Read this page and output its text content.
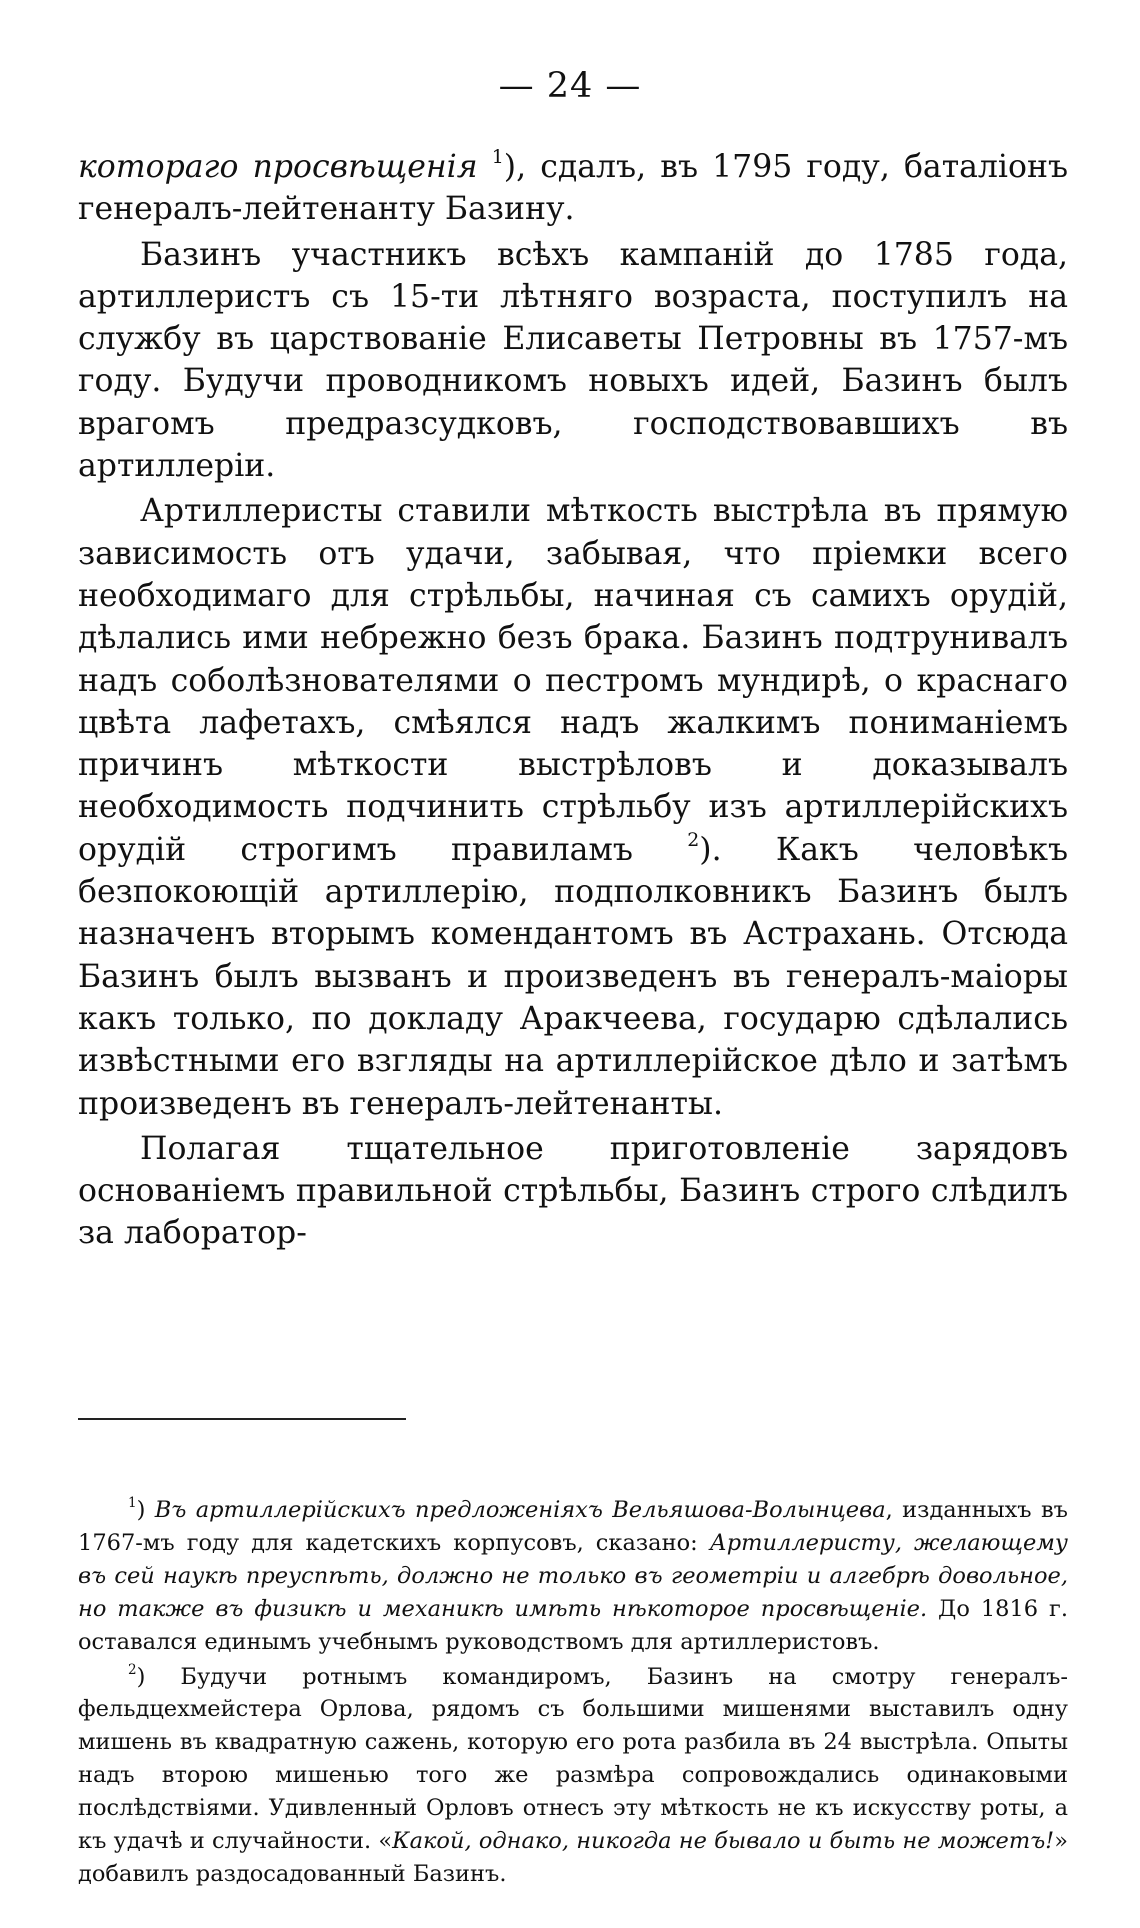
— 24 —

котораго просвѣщенія $^1$), сдалъ, въ 1795 году, баталіонъ генералъ-лейтенанту Базину.

Базинъ участникъ всѣхъ кампаній до 1785 года, артиллеристъ съ 15-ти лѣтняго возраста, поступилъ на службу въ царствованіе Елисаветы Петровны въ 1757-мъ году. Будучи проводникомъ новыхъ идей, Базинъ былъ врагомъ предразсудковъ, господствовавшихъ въ артиллеріи.

Артиллеристы ставили мѣткость выстрѣла въ прямую зависимость отъ удачи, забывая, что пріемки всего необходимаго для стрѣльбы, начиная съ самихъ орудій, дѣлались ими небрежно безъ брака. Базинъ подтрунивалъ надъ соболѣзнователями о пестромъ мундирѣ, о краснаго цвѣта лафетахъ, смѣялся надъ жалкимъ пониманіемъ причинъ мѣткости выстрѣловъ и доказывалъ необходимость подчинить стрѣльбу изъ артиллерійскихъ орудій строгимъ правиламъ $^2$). Какъ человѣкъ безпокоющій артиллерію, подполковникъ Базинъ былъ назначенъ вторымъ комендантомъ въ Астрахань. Отсюда Базинъ былъ вызванъ и произведенъ въ генералъ-маіоры какъ только, по докладу Аракчеева, государю сдѣлались извѣстными его взгляды на артиллерійское дѣло и затѣмъ произведенъ въ генералъ-лейтенанты.

Полагая тщательное приготовленіе зарядовъ основаніемъ правильной стрѣльбы, Базинъ строго слѣдилъ за лаборатор-

$^1$) Въ артиллерійскихъ предложеніяхъ Вельяшова-Волынцева, изданныхъ въ 1767-мъ году для кадетскихъ корпусовъ, сказано: Артиллеристу, желающему въ сей наукѣ преуспѣть, должно не только въ геометріи и алгебрѣ довольное, но также въ физикѣ и механикѣ имѣть нѣкоторое просвѣщеніе. До 1816 г. оставался единымъ учебнымъ руководствомъ для артиллеристовъ.

$^2$) Будучи ротнымъ командиромъ, Базинъ на смотру генералъ-фельдцехмейстера Орлова, рядомъ съ большими мишенями выставилъ одну мишень въ квадратную сажень, которую его рота разбила въ 24 выстрѣла. Опыты надъ второю мишенью того же размѣра сопровождались одинаковыми послѣдствіями. Удивленный Орловъ отнесъ эту мѣткость не къ искусству роты, а къ удачѣ и случайности. «Какой, однако, никогда не бывало и быть не можетъ!» добавилъ раздосадованный Базинъ.
